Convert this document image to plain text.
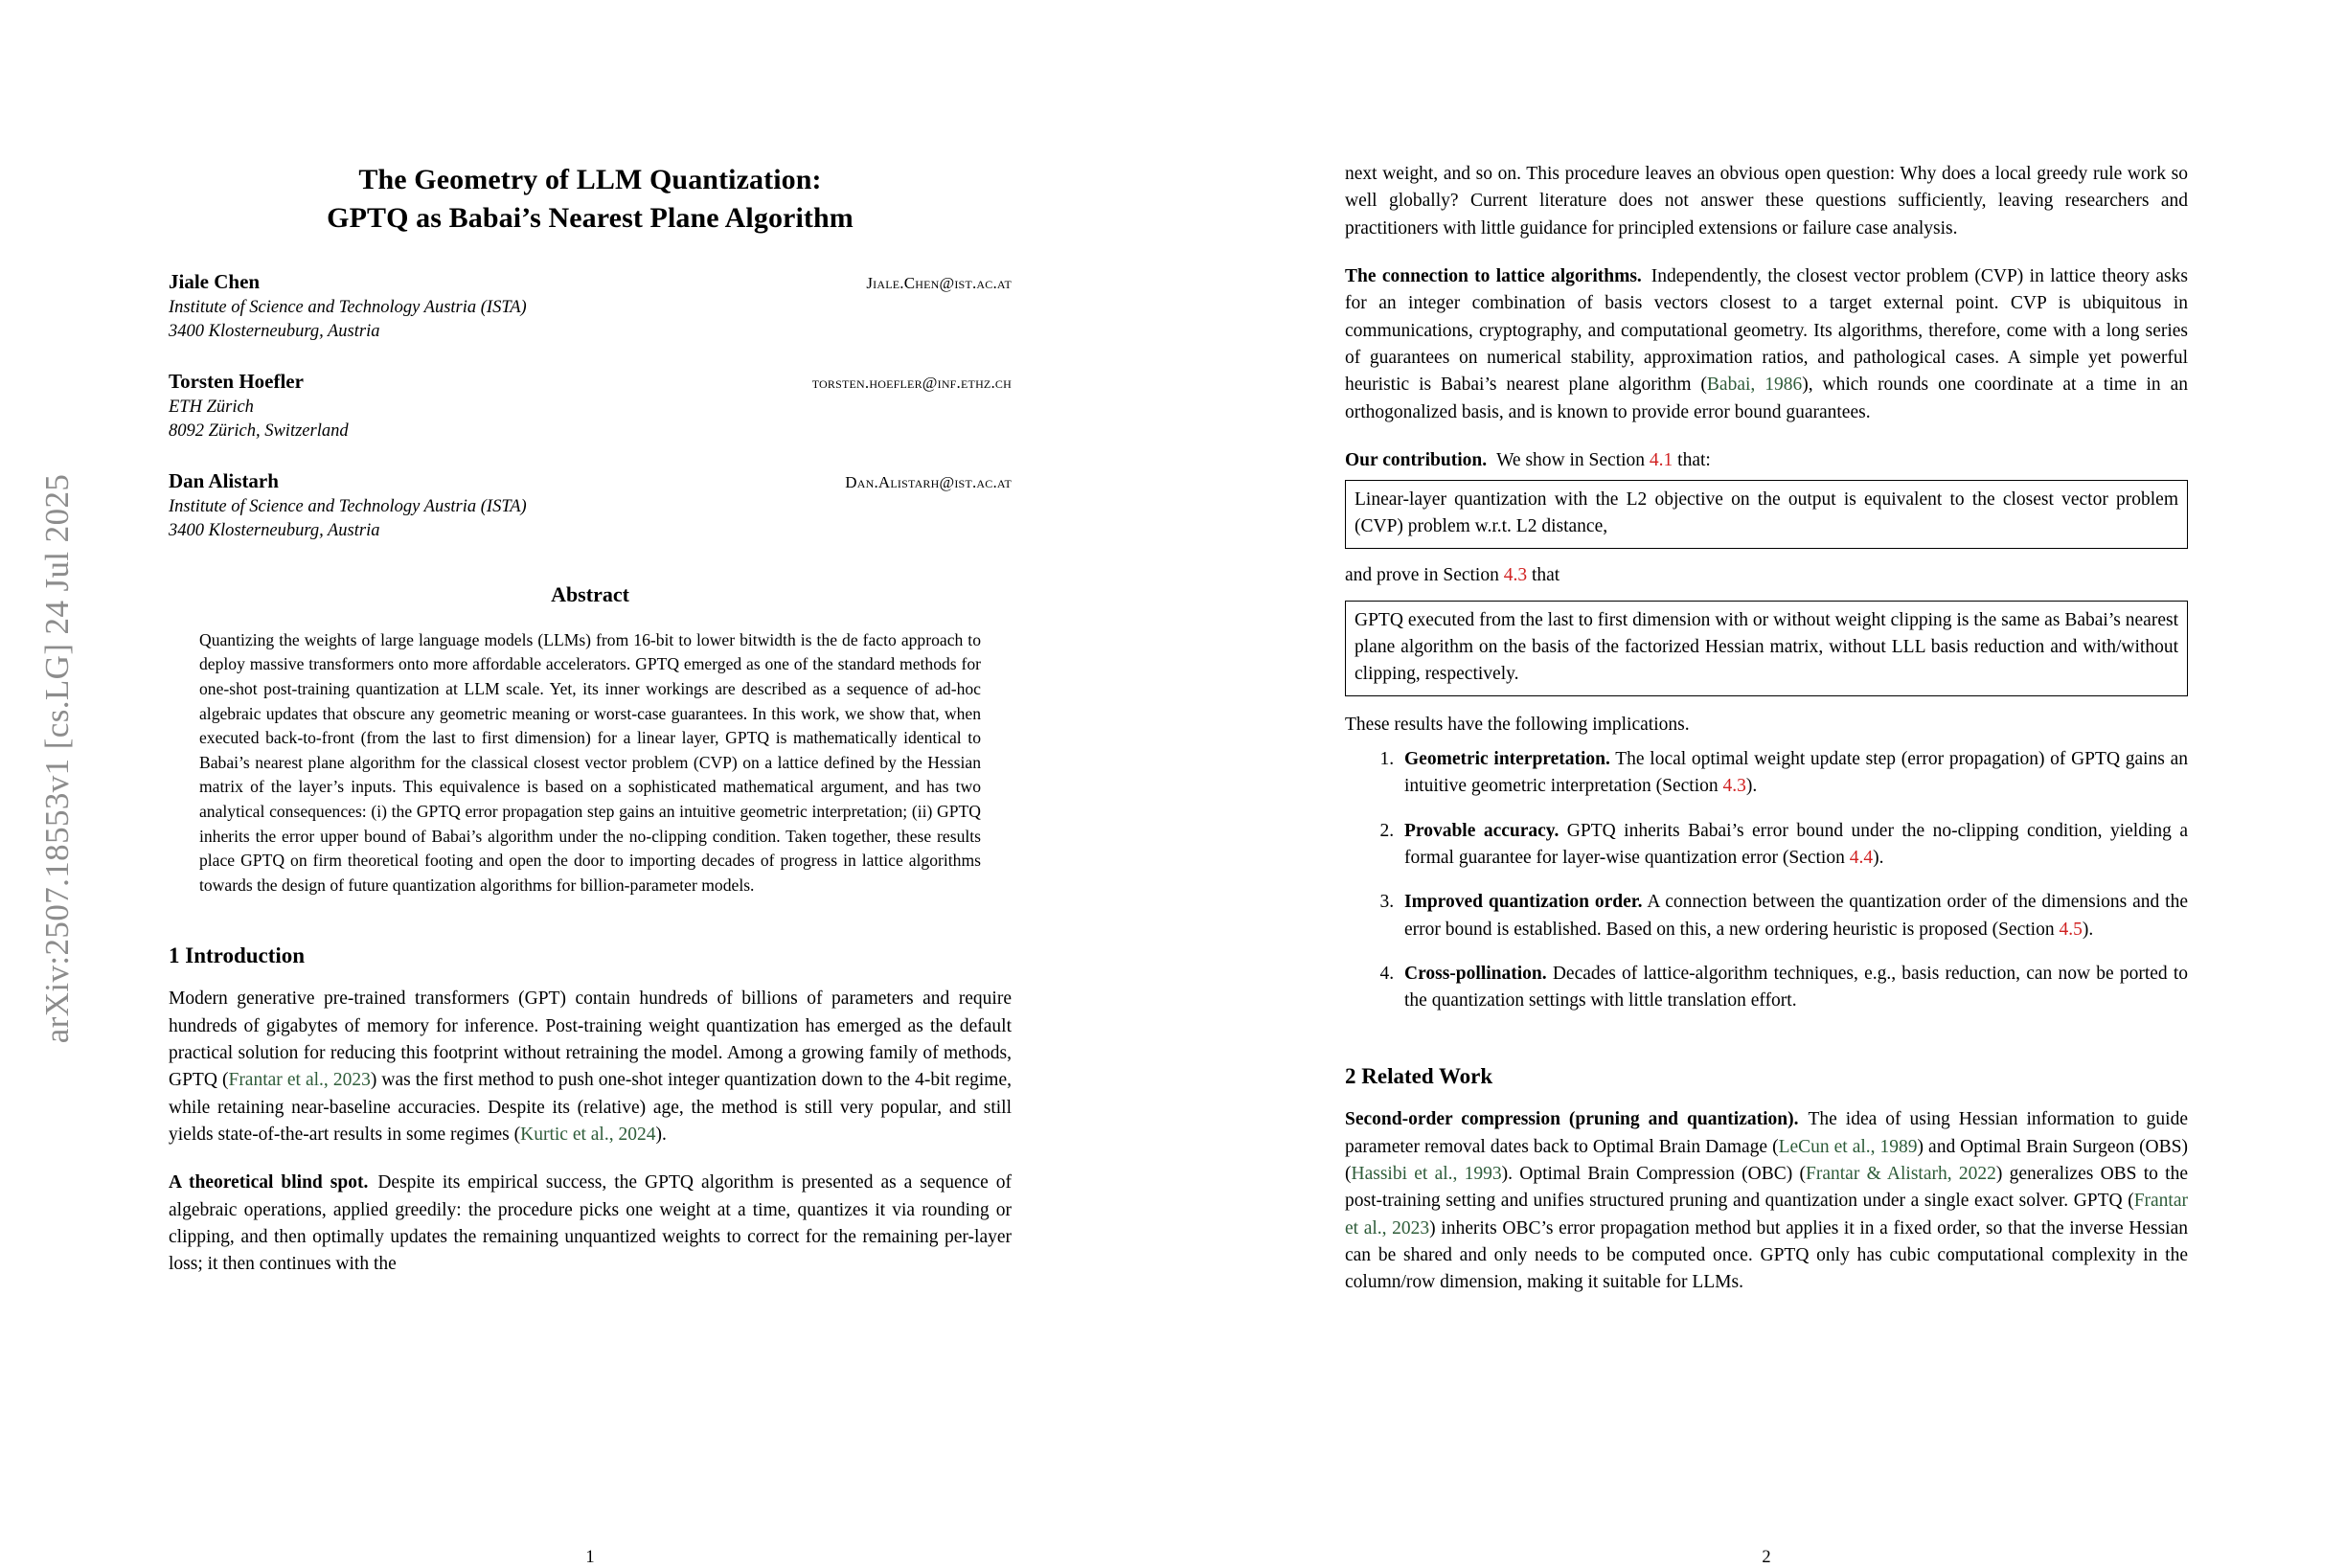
arXiv:2507.18553v1 [cs.LG] 24 Jul 2025
The Geometry of LLM Quantization:
GPTQ as Babai’s Nearest Plane Algorithm
Jiale Chen	Jiale.Chen@ist.ac.at
Institute of Science and Technology Austria (ISTA)
3400 Klosterneuburg, Austria
Torsten Hoefler	torsten.hoefler@inf.ethz.ch
ETH Zürich
8092 Zürich, Switzerland
Dan Alistarh	Dan.Alistarh@ist.ac.at
Institute of Science and Technology Austria (ISTA)
3400 Klosterneuburg, Austria
Abstract
Quantizing the weights of large language models (LLMs) from 16-bit to lower bitwidth is the de facto approach to deploy massive transformers onto more affordable accelerators. GPTQ emerged as one of the standard methods for one-shot post-training quantization at LLM scale. Yet, its inner workings are described as a sequence of ad-hoc algebraic updates that obscure any geometric meaning or worst-case guarantees. In this work, we show that, when executed back-to-front (from the last to first dimension) for a linear layer, GPTQ is mathematically identical to Babai’s nearest plane algorithm for the classical closest vector problem (CVP) on a lattice defined by the Hessian matrix of the layer’s inputs. This equivalence is based on a sophisticated mathematical argument, and has two analytical consequences: (i) the GPTQ error propagation step gains an intuitive geometric interpretation; (ii) GPTQ inherits the error upper bound of Babai’s algorithm under the no-clipping condition. Taken together, these results place GPTQ on firm theoretical footing and open the door to importing decades of progress in lattice algorithms towards the design of future quantization algorithms for billion-parameter models.
1 Introduction

Modern generative pre-trained transformers (GPT) contain hundreds of billions of parameters and require hundreds of gigabytes of memory for inference. Post-training weight quantization has emerged as the default practical solution for reducing this footprint without retraining the model. Among a growing family of methods, GPTQ (Frantar et al., 2023) was the first method to push one-shot integer quantization down to the 4-bit regime, while retaining near-baseline accuracies. Despite its (relative) age, the method is still very popular, and still yields state-of-the-art results in some regimes (Kurtic et al., 2024).

A theoretical blind spot. Despite its empirical success, the GPTQ algorithm is presented as a sequence of algebraic operations, applied greedily: the procedure picks one weight at a time, quantizes it via rounding or clipping, and then optimally updates the remaining unquantized weights to correct for the remaining per-layer loss; it then continues with the

1

next weight, and so on. This procedure leaves an obvious open question: Why does a local greedy rule work so well globally? Current literature does not answer these questions sufficiently, leaving researchers and practitioners with little guidance for principled extensions or failure case analysis.

The connection to lattice algorithms. Independently, the closest vector problem (CVP) in lattice theory asks for an integer combination of basis vectors closest to a target external point. CVP is ubiquitous in communications, cryptography, and computational geometry. Its algorithms, therefore, come with a long series of guarantees on numerical stability, approximation ratios, and pathological cases. A simple yet powerful heuristic is Babai’s nearest plane algorithm (Babai, 1986), which rounds one coordinate at a time in an orthogonalized basis, and is known to provide error bound guarantees.

Our contribution. We show in Section 4.1 that:

Linear-layer quantization with the L2 objective on the output is equivalent to the closest vector problem (CVP) problem w.r.t. L2 distance,
and prove in Section 4.3 that
GPTQ executed from the last to first dimension with or without weight clipping is the same as Babai’s nearest plane algorithm on the basis of the factorized Hessian matrix, without LLL basis reduction and with/without clipping, respectively.
These results have the following implications.
1. Geometric interpretation. The local optimal weight update step (error propagation) of GPTQ gains an intuitive geometric interpretation (Section 4.3).
2. Provable accuracy. GPTQ inherits Babai’s error bound under the no-clipping condition, yielding a formal guarantee for layer-wise quantization error (Section 4.4).
3. Improved quantization order. A connection between the quantization order of the dimensions and the error bound is established. Based on this, a new ordering heuristic is proposed (Section 4.5).
4. Cross-pollination. Decades of lattice-algorithm techniques, e.g., basis reduction, can now be ported to the quantization settings with little translation effort.
2 Related Work

Second-order compression (pruning and quantization). The idea of using Hessian information to guide parameter removal dates back to Optimal Brain Damage (LeCun et al., 1989) and Optimal Brain Surgeon (OBS) (Hassibi et al., 1993). Optimal Brain Compression (OBC) (Frantar & Alistarh, 2022) generalizes OBS to the post-training setting and unifies structured pruning and quantization under a single exact solver. GPTQ (Frantar et al., 2023) inherits OBC’s error propagation method but applies it in a fixed order, so that the inverse Hessian can be shared and only needs to be computed once. GPTQ only has cubic computational complexity in the column/row dimension, making it suitable for LLMs.

2
